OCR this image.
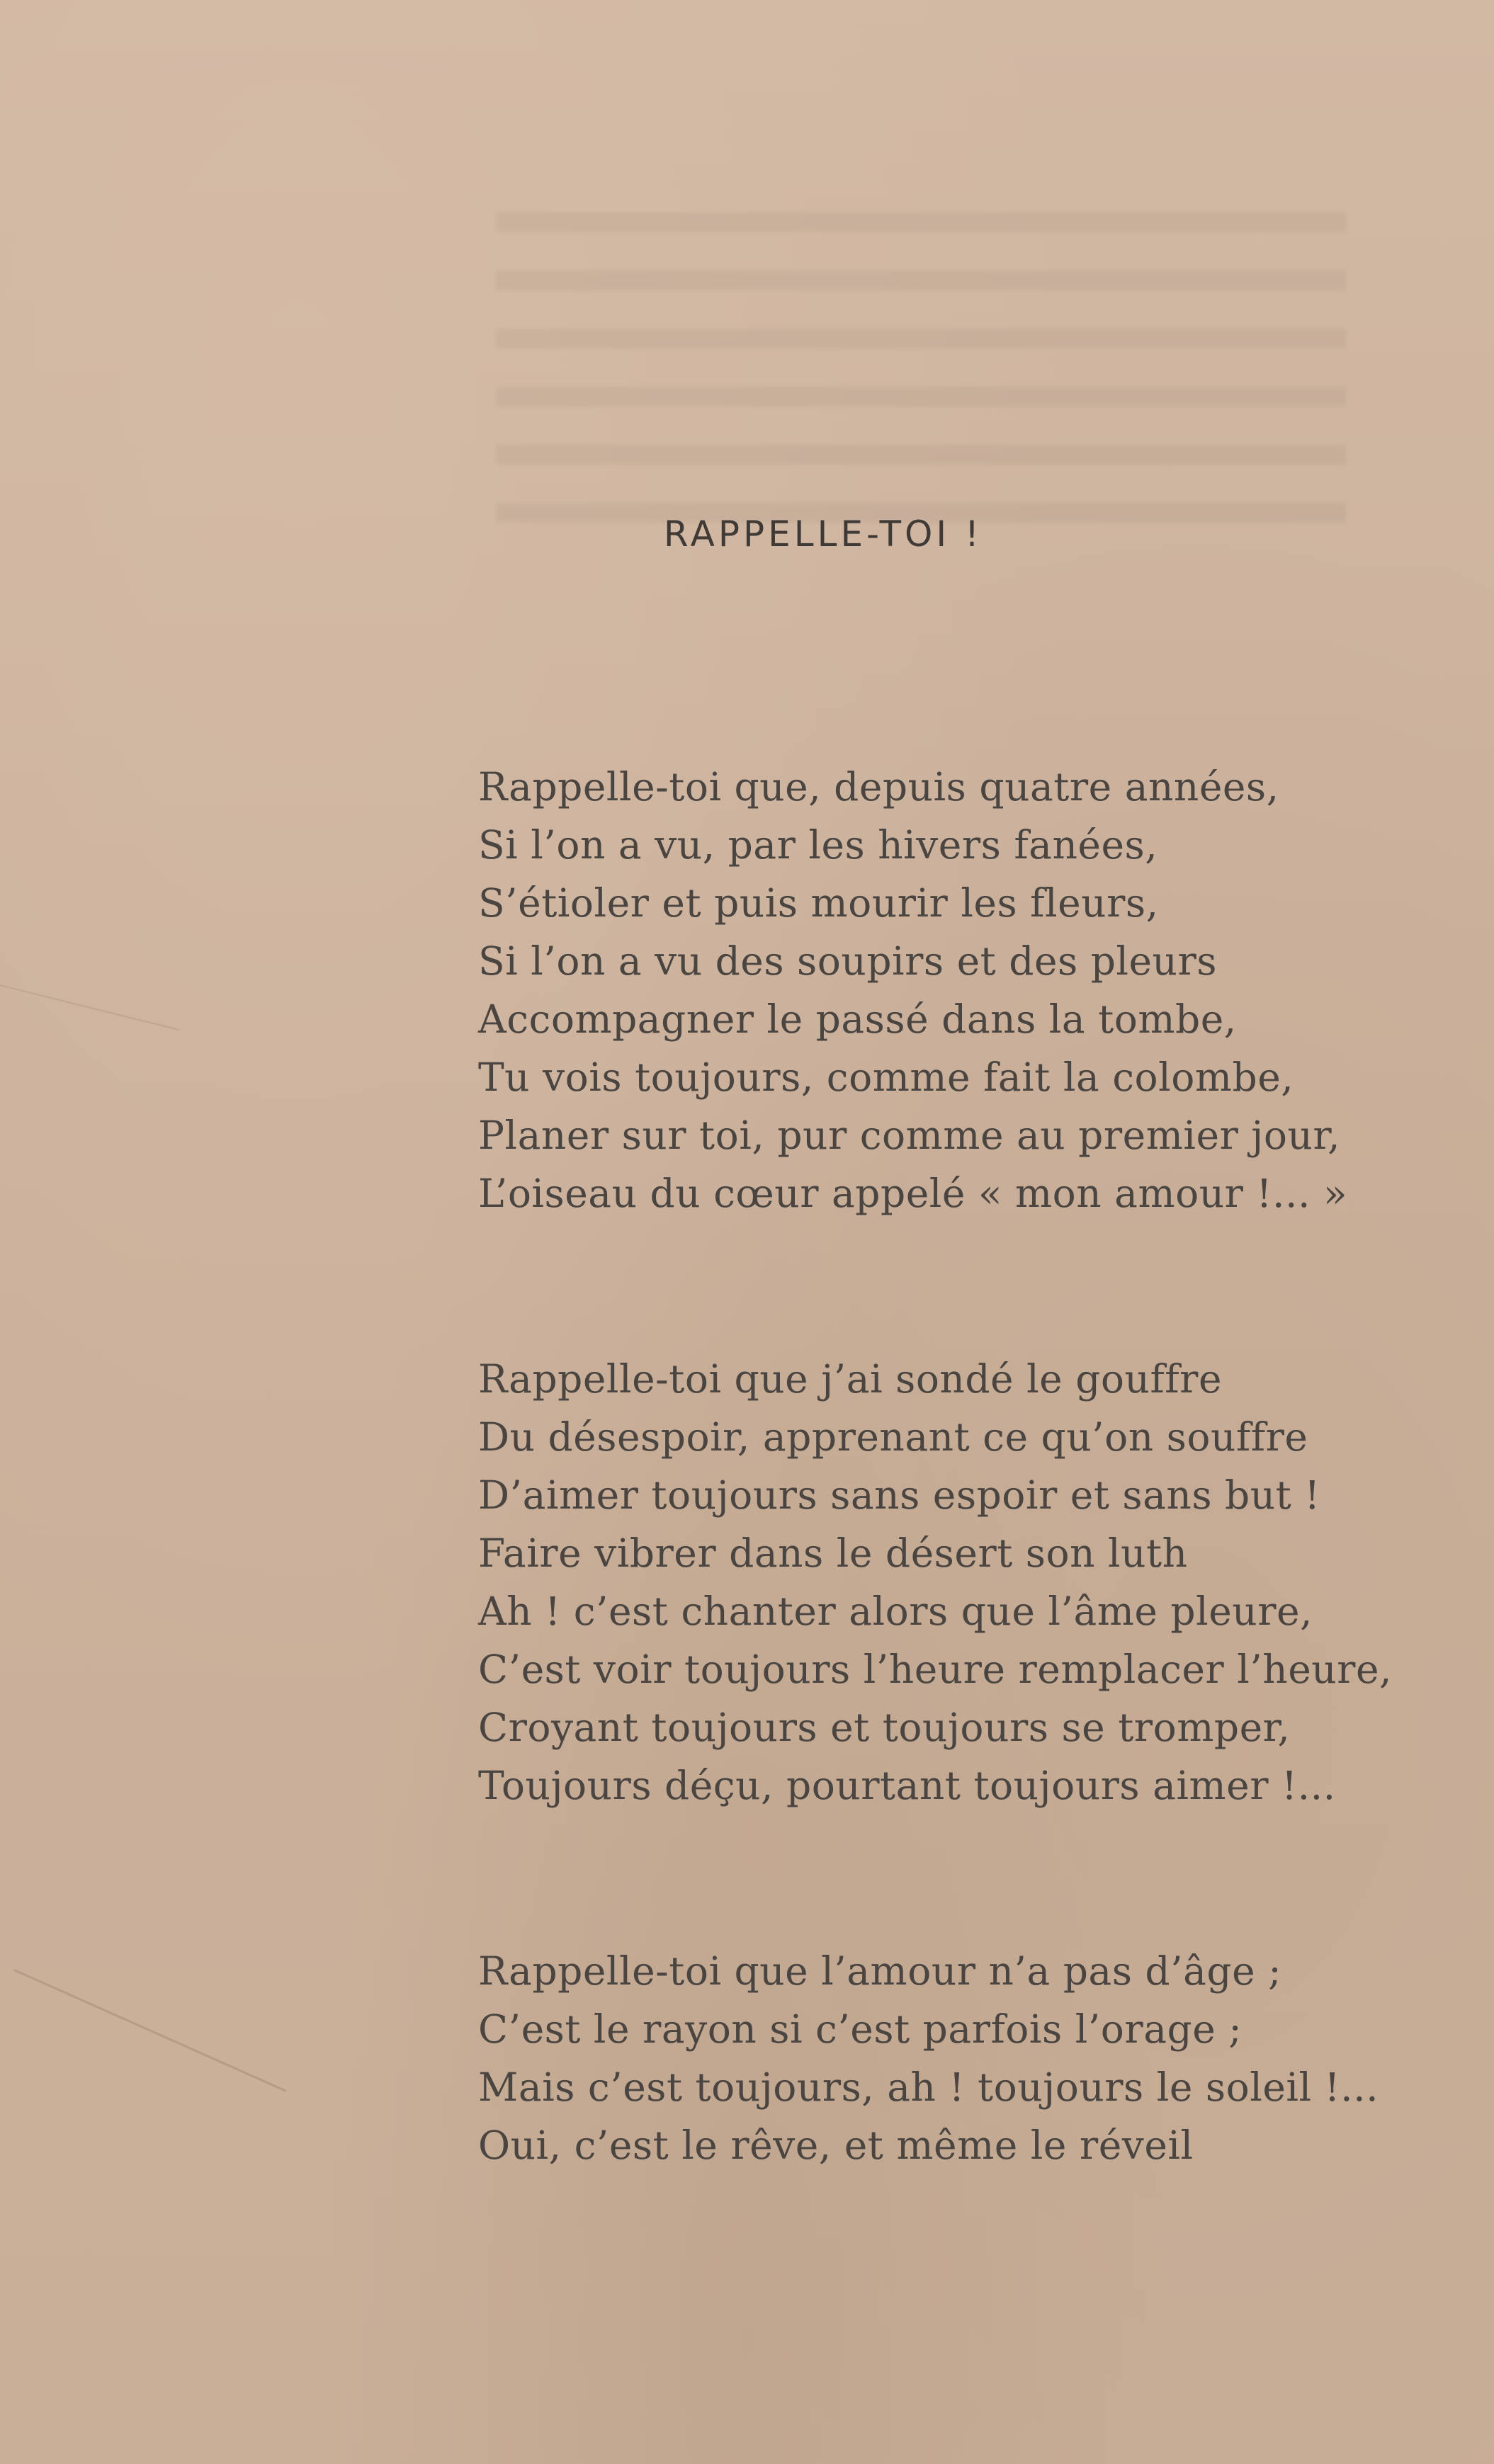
RAPPELLE-TOI !
Rappelle-toi que, depuis quatre années,
Si l’on a vu, par les hivers fanées,
S’étioler et puis mourir les fleurs,
Si l’on a vu des soupirs et des pleurs
Accompagner le passé dans la tombe,
Tu vois toujours, comme fait la colombe,
Planer sur toi, pur comme au premier jour,
L’oiseau du cœur appelé « mon amour !... »
Rappelle-toi que j’ai sondé le gouffre
Du désespoir, apprenant ce qu’on souffre
D’aimer toujours sans espoir et sans but !
Faire vibrer dans le désert son luth
Ah ! c’est chanter alors que l’âme pleure,
C’est voir toujours l’heure remplacer l’heure,
Croyant toujours et toujours se tromper,
Toujours déçu, pourtant toujours aimer !...
Rappelle-toi que l’amour n’a pas d’âge ;
C’est le rayon si c’est parfois l’orage ;
Mais c’est toujours, ah ! toujours le soleil !...
Oui, c’est le rêve, et même le réveil
